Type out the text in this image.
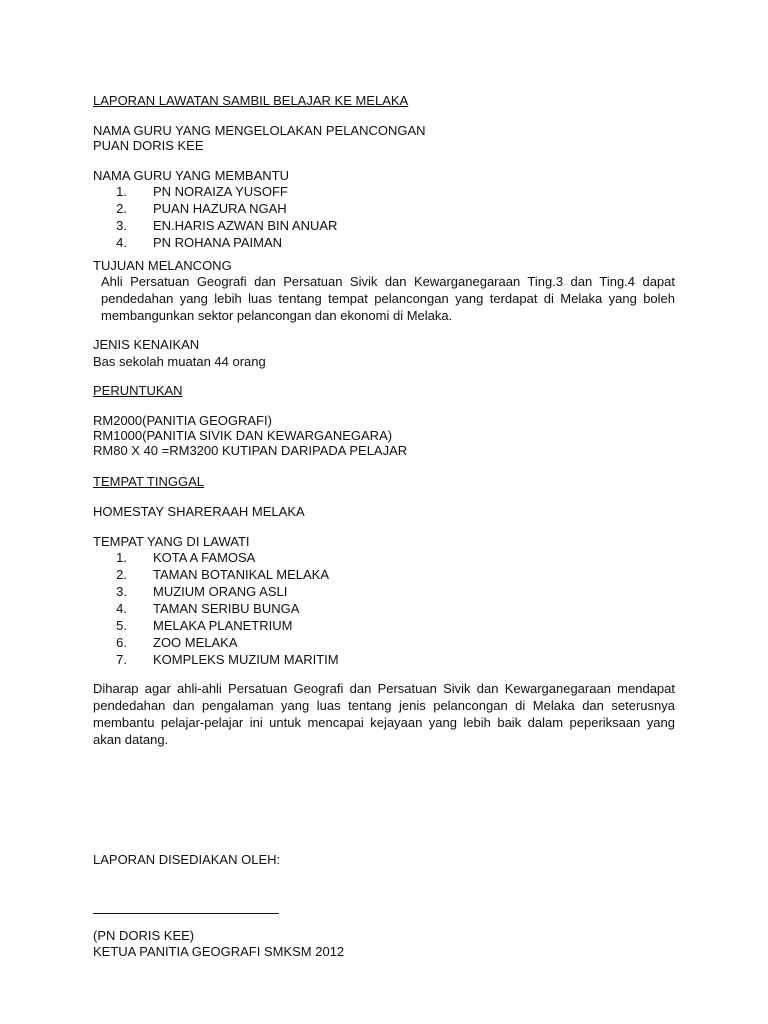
LAPORAN LAWATAN SAMBIL BELAJAR KE MELAKA
NAMA GURU YANG MENGELOLAKAN PELANCONGAN
PUAN DORIS KEE
NAMA GURU YANG MEMBANTU
1. PN NORAIZA YUSOFF
2. PUAN HAZURA NGAH
3. EN.HARIS AZWAN BIN ANUAR
4. PN ROHANA PAIMAN
TUJUAN MELANCONG
Ahli Persatuan Geografi dan Persatuan Sivik dan Kewarganegaraan Ting.3 dan Ting.4 dapat pendedahan yang lebih luas tentang tempat pelancongan yang terdapat di Melaka yang boleh membangunkan sektor pelancongan dan ekonomi di Melaka.
JENIS KENAIKAN
Bas sekolah muatan 44 orang
PERUNTUKAN
RM2000(PANITIA GEOGRAFI)
RM1000(PANITIA SIVIK DAN KEWARGANEGARA)
RM80 X 40 =RM3200 KUTIPAN DARIPADA PELAJAR
TEMPAT TINGGAL
HOMESTAY SHARERAAH MELAKA
TEMPAT YANG DI LAWATI
1. KOTA A FAMOSA
2. TAMAN BOTANIKAL MELAKA
3. MUZIUM ORANG ASLI
4. TAMAN SERIBU BUNGA
5. MELAKA PLANETRIUM
6. ZOO MELAKA
7. KOMPLEKS MUZIUM MARITIM
Diharap agar ahli-ahli Persatuan Geografi dan Persatuan Sivik dan Kewarganegaraan mendapat pendedahan dan pengalaman yang luas tentang jenis pelancongan di Melaka dan seterusnya membantu pelajar-pelajar ini untuk mencapai kejayaan yang lebih baik dalam peperiksaan yang akan datang.
LAPORAN DISEDIAKAN OLEH:
(PN DORIS KEE)
KETUA PANITIA GEOGRAFI SMKSM 2012
